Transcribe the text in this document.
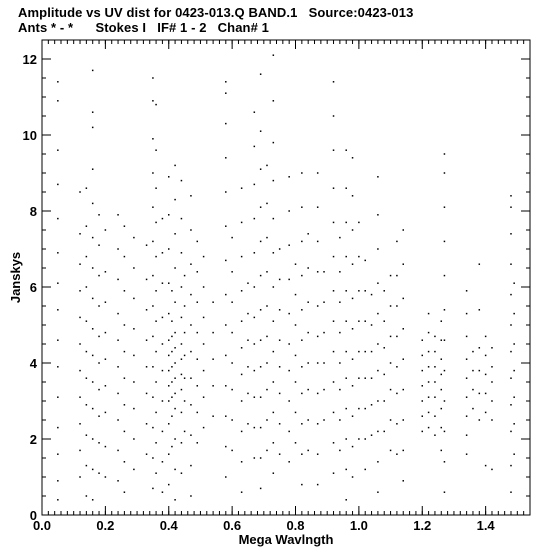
Amplitude vs UV dist for 0423-013.Q BAND.1   Source:0423-013
Ants * - *      Stokes I   IF# 1 - 2   Chan# 1
0.0	0.2	0.4	0.6	0.8	1.0	1.2	1.4
0
2
4
6
8
10
12
Mega Wavlngth
Janskys
